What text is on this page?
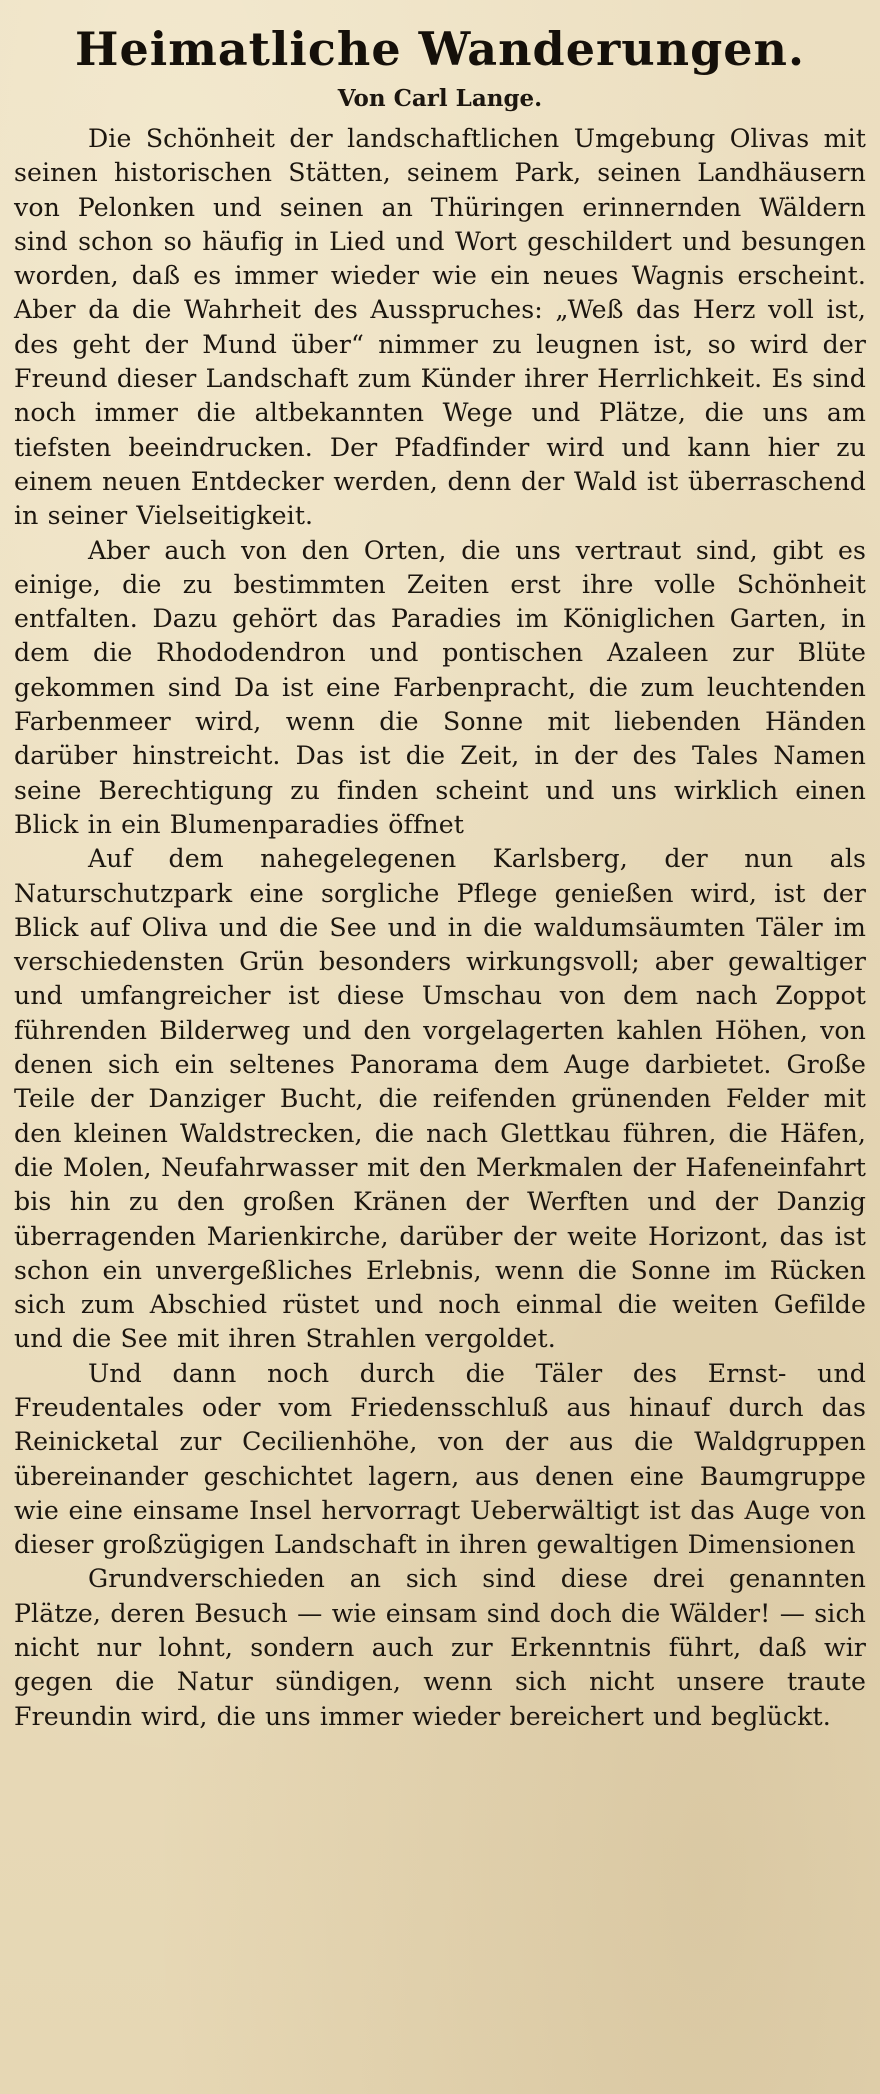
Heimatliche Wanderungen.
Von Carl Lange.

Die Schönheit der landschaftlichen Umgebung Olivas mit seinen historischen Stätten, seinem Park, seinen Landhäusern von Pelonken und seinen an Thüringen erinnernden Wäldern sind schon so häufig in Lied und Wort geschildert und besungen worden, daß es immer wieder wie ein neues Wagnis erscheint. Aber da die Wahrheit des Ausspruches: „Weß das Herz voll ist, des geht der Mund über“ nimmer zu leugnen ist, so wird der Freund dieser Landschaft zum Künder ihrer Herrlichkeit. Es sind noch immer die altbekannten Wege und Plätze, die uns am tiefsten beeindrucken. Der Pfadfinder wird und kann hier zu einem neuen Entdecker werden, denn der Wald ist überraschend in seiner Vielseitigkeit.

Aber auch von den Orten, die uns vertraut sind, gibt es einige, die zu bestimmten Zeiten erst ihre volle Schönheit entfalten. Dazu gehört das Paradies im Königlichen Garten, in dem die Rhododendron und pontischen Azaleen zur Blüte gekommen sind Da ist eine Farbenpracht, die zum leuchtenden Farbenmeer wird, wenn die Sonne mit liebenden Händen darüber hinstreicht. Das ist die Zeit, in der des Tales Namen seine Berechtigung zu finden scheint und uns wirklich einen Blick in ein Blumenparadies öffnet

Auf dem nahegelegenen Karlsberg, der nun als Naturschutzpark eine sorgliche Pflege genießen wird, ist der Blick auf Oliva und die See und in die waldumsäumten Täler im verschiedensten Grün besonders wirkungsvoll; aber gewaltiger und umfangreicher ist diese Umschau von dem nach Zoppot führenden Bilderweg und den vorgelagerten kahlen Höhen, von denen sich ein seltenes Panorama dem Auge darbietet. Große Teile der Danziger Bucht, die reifenden grünenden Felder mit den kleinen Waldstrecken, die nach Glettkau führen, die Häfen, die Molen, Neufahrwasser mit den Merkmalen der Hafeneinfahrt bis hin zu den großen Kränen der Werften und der Danzig überragenden Marienkirche, darüber der weite Horizont, das ist schon ein unvergeßliches Erlebnis, wenn die Sonne im Rücken sich zum Abschied rüstet und noch einmal die weiten Gefilde und die See mit ihren Strahlen vergoldet.

Und dann noch durch die Täler des Ernst- und Freudentales oder vom Friedensschluß aus hinauf durch das Reinicketal zur Cecilienhöhe, von der aus die Waldgruppen übereinander geschichtet lagern, aus denen eine Baumgruppe wie eine einsame Insel hervorragt Ueberwältigt ist das Auge von dieser großzügigen Landschaft in ihren gewaltigen Dimensionen

Grundverschieden an sich sind diese drei genannten Plätze, deren Besuch — wie einsam sind doch die Wälder! — sich nicht nur lohnt, sondern auch zur Erkenntnis führt, daß wir gegen die Natur sündigen, wenn sich nicht unsere traute Freundin wird, die uns immer wieder bereichert und beglückt.
